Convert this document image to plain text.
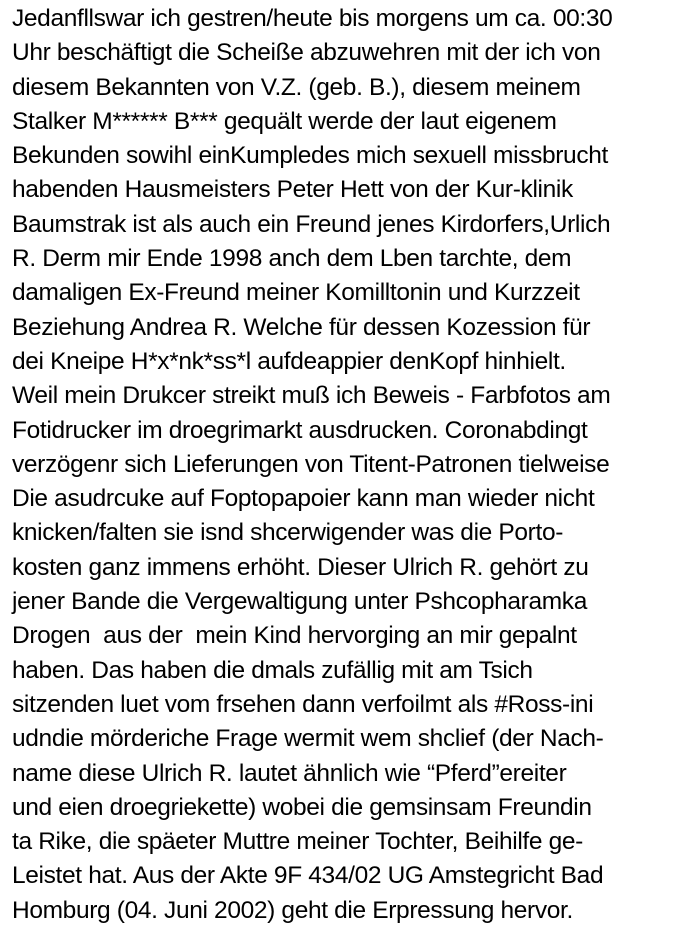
Jedanfllswar ich gestren/heute bis morgens um ca. 00:30
Uhr beschäftigt die Scheiße abzuwehren mit der ich von
diesem Bekannten von V.Z. (geb. B.), diesem meinem
Stalker M****** B*** gequält werde der laut eigenem
Bekunden sowihl einKumpledes mich sexuell missbrucht
habenden Hausmeisters Peter Hett von der Kur-klinik
Baumstrak ist als auch ein Freund jenes Kirdorfers,Urlich
R. Derm mir Ende 1998 anch dem Lben tarchte, dem
damaligen Ex-Freund meiner Komilltonin und Kurzzeit
Beziehung Andrea R. Welche für dessen Kozession für
dei Kneipe H*x*nk*ss*l aufdeappier denKopf hinhielt.
Weil mein Drukcer streikt muß ich Beweis - Farbfotos am
Fotidrucker im droegrimarkt ausdrucken. Coronabdingt
verzögenr sich Lieferungen von Titent-Patronen tielweise
Die asudrcuke auf Foptopapoier kann man wieder nicht
knicken/falten sie isnd shcerwigender was die Porto-
kosten ganz immens erhöht. Dieser Ulrich R. gehört zu
jener Bande die Vergewaltigung unter Pshcopharamka
Drogen  aus der  mein Kind hervorging an mir gepalnt
haben. Das haben die dmals zufällig mit am Tsich
sitzenden luet vom frsehen dann verfoilmt als #Ross-ini
udndie mörderiche Frage wermit wem shclief (der Nach-
name diese Ulrich R. lautet ähnlich wie “Pferd”ereiter
und eien droegriekette) wobei die gemsinsam Freundin
ta Rike, die späeter Muttre meiner Tochter, Beihilfe ge-
Leistet hat. Aus der Akte 9F 434/02 UG Amstegricht Bad
Homburg (04. Juni 2002) geht die Erpressung hervor.
